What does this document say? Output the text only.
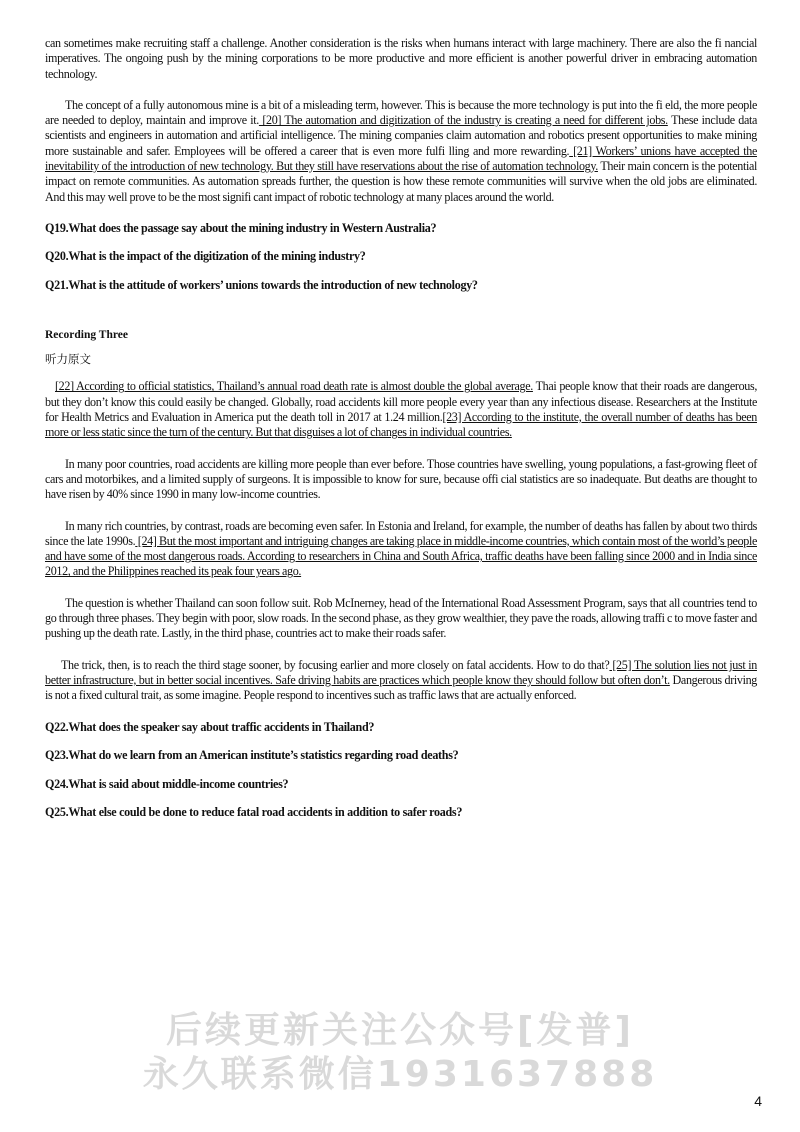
can sometimes make recruiting staff a challenge. Another consideration is the risks when humans interact with large machinery. There are also the fi nancial imperatives. The ongoing push by the mining corporations to be more productive and more efficient is another powerful driver in embracing automation technology.

The concept of a fully autonomous mine is a bit of a misleading term, however. This is because the more technology is put into the fi eld, the more people are needed to deploy, maintain and improve it. [20] The automation and digitization of the industry is creating a need for different jobs. These include data scientists and engineers in automation and artificial intelligence. The mining companies claim automation and robotics present opportunities to make mining more sustainable and safer. Employees will be offered a career that is even more fulfi lling and more rewarding. [21] Workers’ unions have accepted the inevitability of the introduction of new technology. But they still have reservations about the rise of automation technology. Their main concern is the potential impact on remote communities. As automation spreads further, the question is how these remote communities will survive when the old jobs are eliminated. And this may well prove to be the most signifi cant impact of robotic technology at many places around the world.

Q19.What does the passage say about the mining industry in Western Australia?

Q20.What is the impact of the digitization of the mining industry?

Q21.What is the attitude of workers’ unions towards the introduction of new technology?

Recording Three
听力原文

[22] According to official statistics, Thailand’s annual road death rate is almost double the global average. Thai people know that their roads are dangerous, but they don’t know this could easily be changed. Globally, road accidents kill more people every year than any infectious disease. Researchers at the Institute for Health Metrics and Evaluation in America put the death toll in 2017 at 1.24 million.[23] According to the institute, the overall number of deaths has been more or less static since the turn of the century. But that disguises a lot of changes in individual countries.

In many poor countries, road accidents are killing more people than ever before. Those countries have swelling, young populations, a fast-growing fleet of cars and motorbikes, and a limited supply of surgeons. It is impossible to know for sure, because offi cial statistics are so inadequate. But deaths are thought to have risen by 40% since 1990 in many low-income countries.

In many rich countries, by contrast, roads are becoming even safer. In Estonia and Ireland, for example, the number of deaths has fallen by about two thirds since the late 1990s. [24] But the most important and intriguing changes are taking place in middle-income countries, which contain most of the world’s people and have some of the most dangerous roads. According to researchers in China and South Africa, traffic deaths have been falling since 2000 and in India since 2012, and the Philippines reached its peak four years ago.

The question is whether Thailand can soon follow suit. Rob McInerney, head of the International Road Assessment Program, says that all countries tend to go through three phases. They begin with poor, slow roads. In the second phase, as they grow wealthier, they pave the roads, allowing traffi c to move faster and pushing up the death rate. Lastly, in the third phase, countries act to make their roads safer.

The trick, then, is to reach the third stage sooner, by focusing earlier and more closely on fatal accidents. How to do that? [25] The solution lies not just in better infrastructure, but in better social incentives. Safe driving habits are practices which people know they should follow but often don’t. Dangerous driving is not a fixed cultural trait, as some imagine. People respond to incentives such as traffic laws that are actually enforced.

Q22.What does the speaker say about traffic accidents in Thailand?

Q23.What do we learn from an American institute’s statistics regarding road deaths?

Q24.What is said about middle-income countries?

Q25.What else could be done to reduce fatal road accidents in addition to safer roads?

后续更新关注公众号[发普]
永久联系微信1931637888
4
